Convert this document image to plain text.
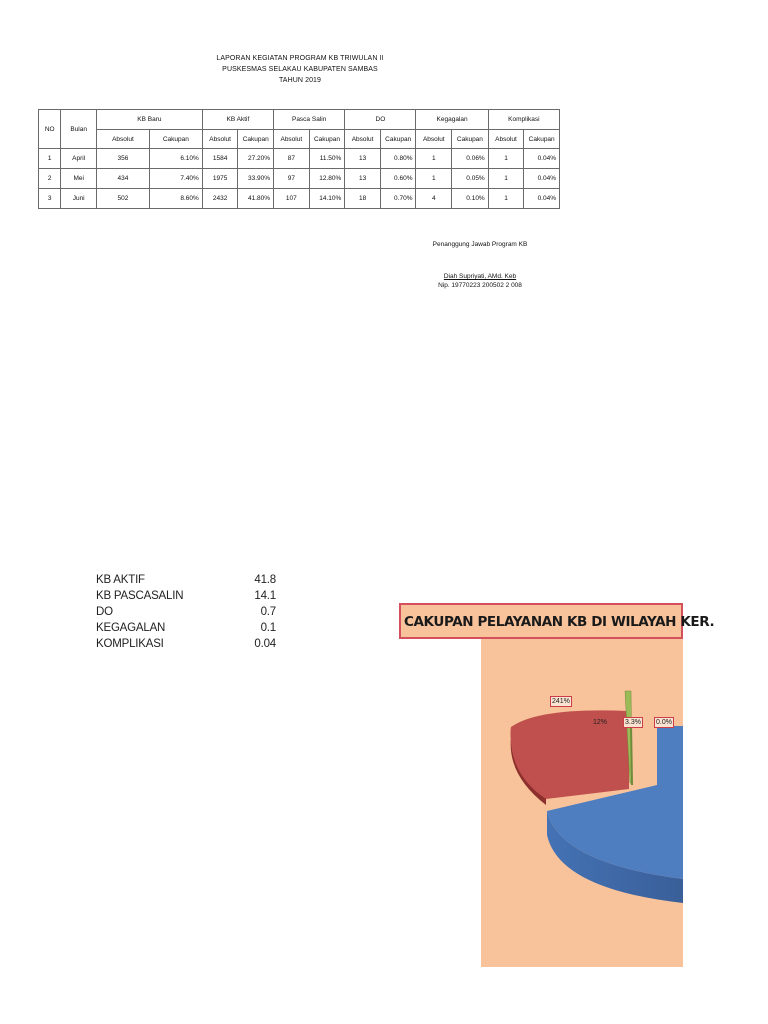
LAPORAN KEGIATAN PROGRAM KB TRIWULAN II
PUSKESMAS SELAKAU KABUPATEN SAMBAS
TAHUN 2019
NO	Bulan	KB Baru		KB Aktif		Pasca Salin		DO		Kegagalan		Komplikasi	
		Absolut	Cakupan	Absolut	Cakupan	Absolut	Cakupan	Absolut	Cakupan	Absolut	Cakupan	Absolut	Cakupan
1	April	356	6.10%	1584	27.20%	87	11.50%	13	0.80%	1	0.06%	1	0.04%
2	Mei	434	7.40%	1975	33.90%	97	12.80%	13	0.60%	1	0.05%	1	0.04%
3	Juni	502	8.60%	2432	41.80%	107	14.10%	18	0.70%	4	0.10%	1	0.04%
Penanggung Jawab Program KB
Diah Supriyati, AMd. Keb
Nip. 19770223 200502 2 008
KB AKTIF	41.8
KB PASCASALIN	14.1
DO	0.7
KEGAGALAN	0.1
KOMPLIKASI	0.04
CAKUPAN PELAYANAN KB DI WILAYAH KER.
241%
12%	3.3% 0.0%
